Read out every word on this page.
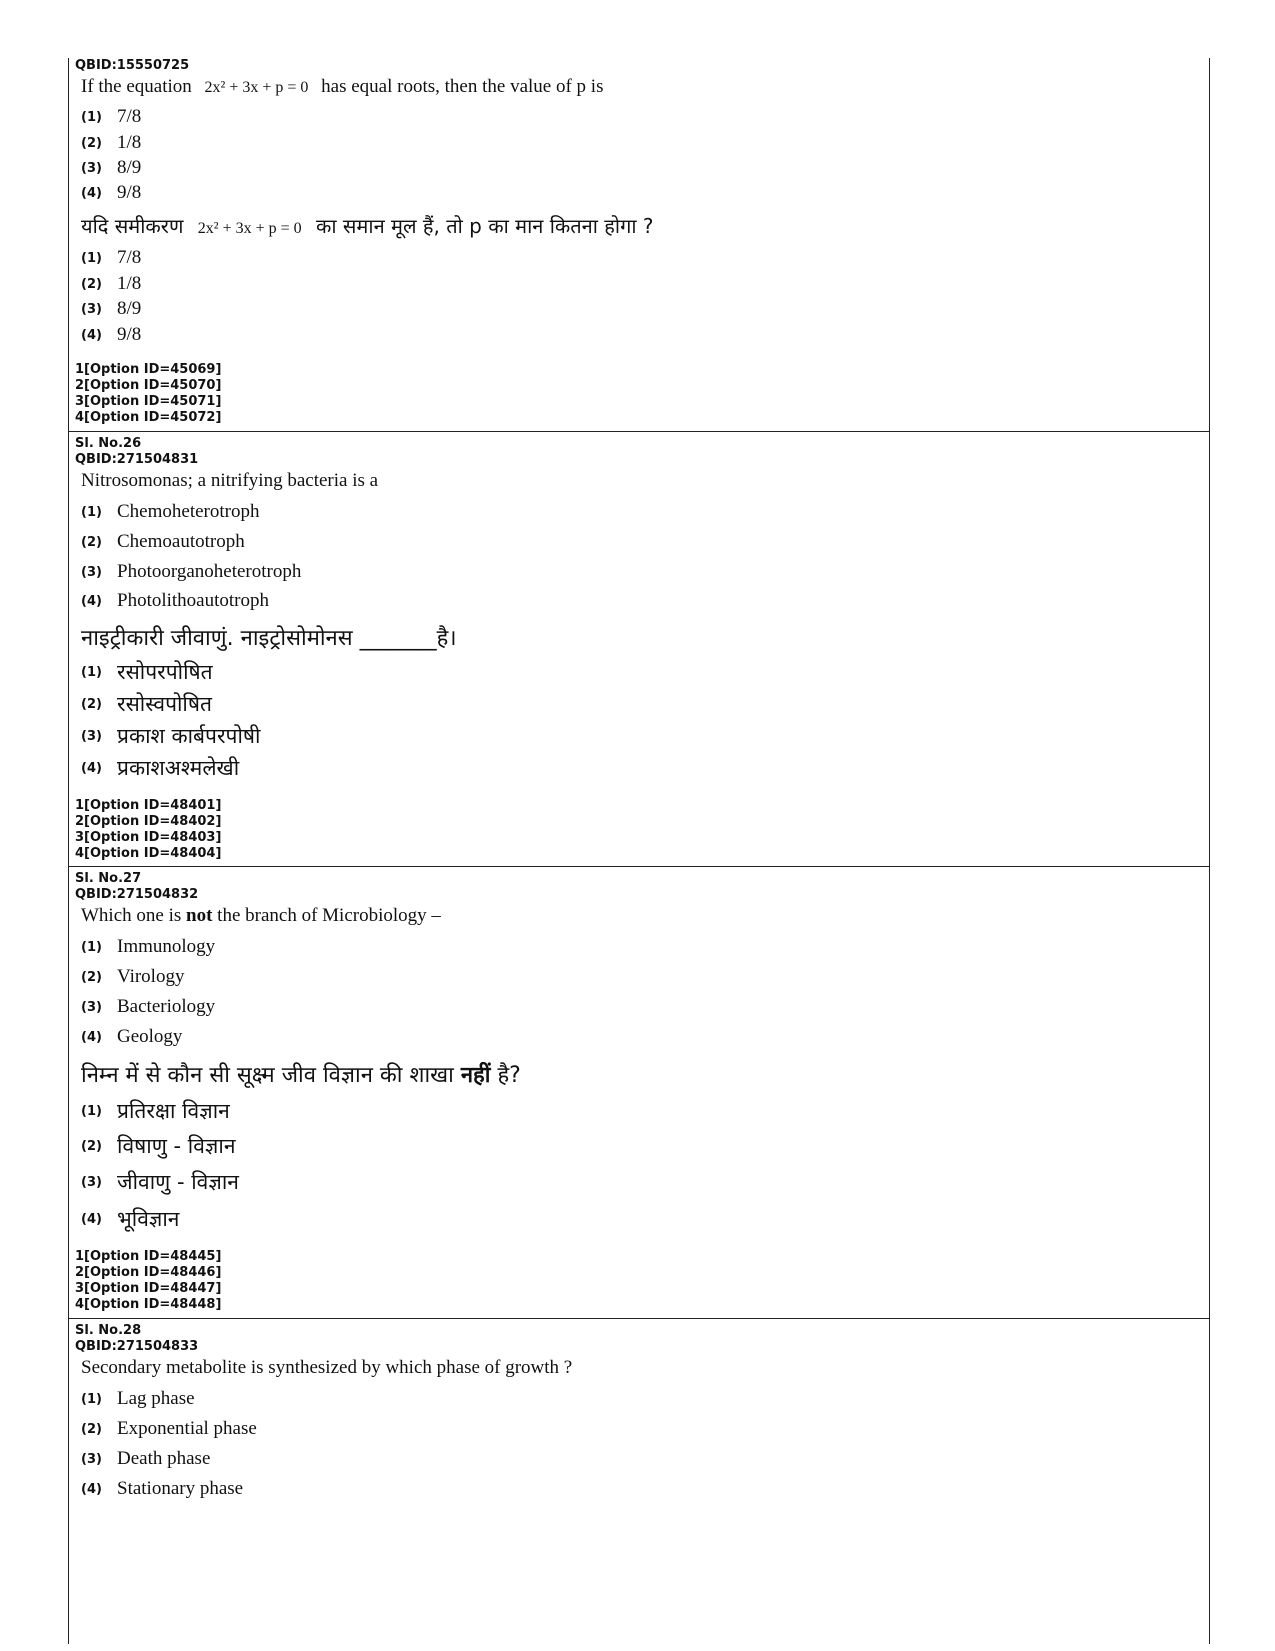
QBID:15550725
If the equation 2x² + 3x + p = 0 has equal roots, then the value of p is
(1) 7/8
(2) 1/8
(3) 8/9
(4) 9/8
यदि समीकरण 2x² + 3x + p = 0 का समान मूल हैं, तो p का मान कितना होगा ?
(1) 7/8
(2) 1/8
(3) 8/9
(4) 9/8
1[Option ID=45069]
2[Option ID=45070]
3[Option ID=45071]
4[Option ID=45072]
Sl. No.26
QBID:271504831
Nitrosomonas; a nitrifying bacteria is a
(1) Chemoheterotroph
(2) Chemoautotroph
(3) Photoorganoheterotroph
(4) Photolithoautotroph
नाइट्रीकारी जीवाणुं. नाइट्रोसोमोनस _______है।
(1) रसोपरपोषित
(2) रसोस्वपोषित
(3) प्रकाश कार्बपरपोषी
(4) प्रकाशअश्मलेखी
1[Option ID=48401]
2[Option ID=48402]
3[Option ID=48403]
4[Option ID=48404]
Sl. No.27
QBID:271504832
Which one is not the branch of Microbiology –
(1) Immunology
(2) Virology
(3) Bacteriology
(4) Geology
निम्न में से कौन सी सूक्ष्म जीव विज्ञान की शाखा नहीं है?
(1) प्रतिरक्षा विज्ञान
(2) विषाणु - विज्ञान
(3) जीवाणु - विज्ञान
(4) भूविज्ञान
1[Option ID=48445]
2[Option ID=48446]
3[Option ID=48447]
4[Option ID=48448]
Sl. No.28
QBID:271504833
Secondary metabolite is synthesized by which phase of growth ?
(1) Lag phase
(2) Exponential phase
(3) Death phase
(4) Stationary phase
